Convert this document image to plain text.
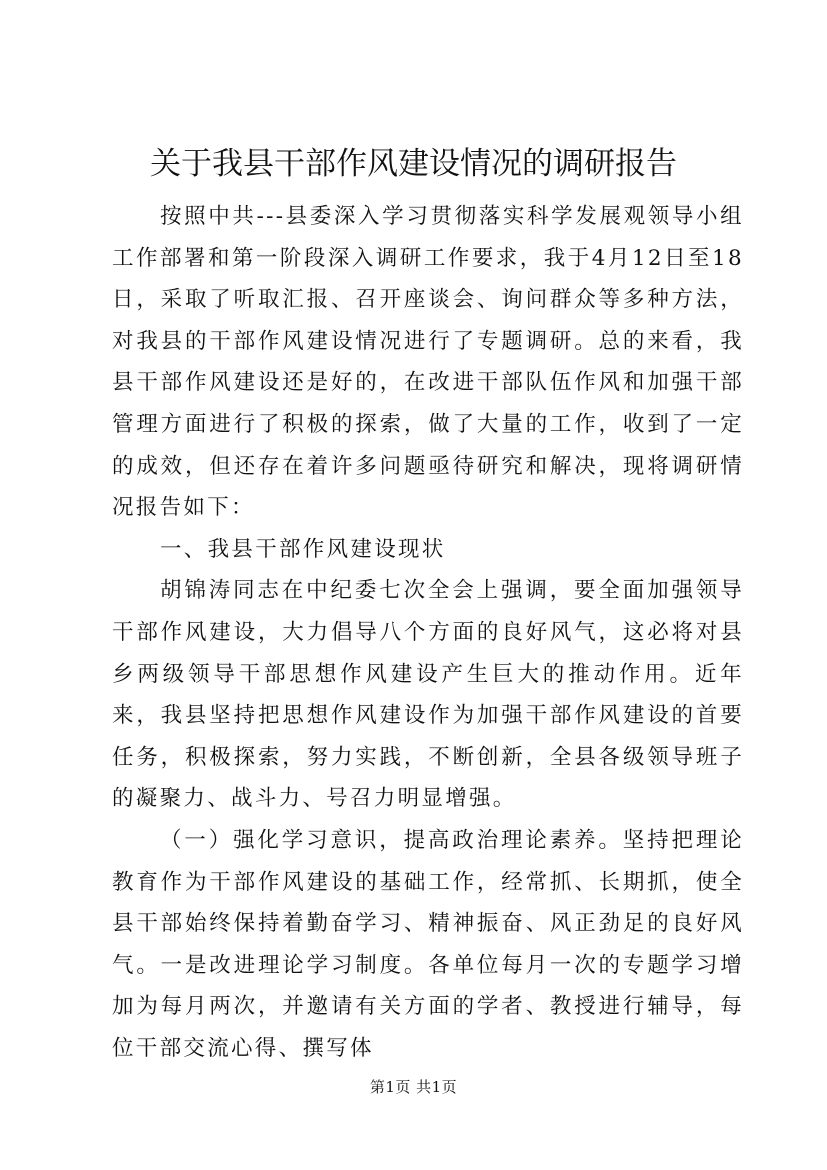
关于我县干部作风建设情况的调研报告

按照中共---县委深入学习贯彻落实科学发展观领导小组工作部署和第一阶段深入调研工作要求，我于4月12日至18日，采取了听取汇报、召开座谈会、询问群众等多种方法，对我县的干部作风建设情况进行了专题调研。总的来看，我县干部作风建设还是好的，在改进干部队伍作风和加强干部管理方面进行了积极的探索，做了大量的工作，收到了一定的成效，但还存在着许多问题亟待研究和解决，现将调研情况报告如下：

一、我县干部作风建设现状

胡锦涛同志在中纪委七次全会上强调，要全面加强领导干部作风建设，大力倡导八个方面的良好风气，这必将对县乡两级领导干部思想作风建设产生巨大的推动作用。近年来，我县坚持把思想作风建设作为加强干部作风建设的首要任务，积极探索，努力实践，不断创新，全县各级领导班子的凝聚力、战斗力、号召力明显增强。

（一）强化学习意识，提高政治理论素养。坚持把理论教育作为干部作风建设的基础工作，经常抓、长期抓，使全县干部始终保持着勤奋学习、精神振奋、风正劲足的良好风气。一是改进理论学习制度。各单位每月一次的专题学习增加为每月两次，并邀请有关方面的学者、教授进行辅导，每位干部交流心得、撰写体

第1页 共1页
